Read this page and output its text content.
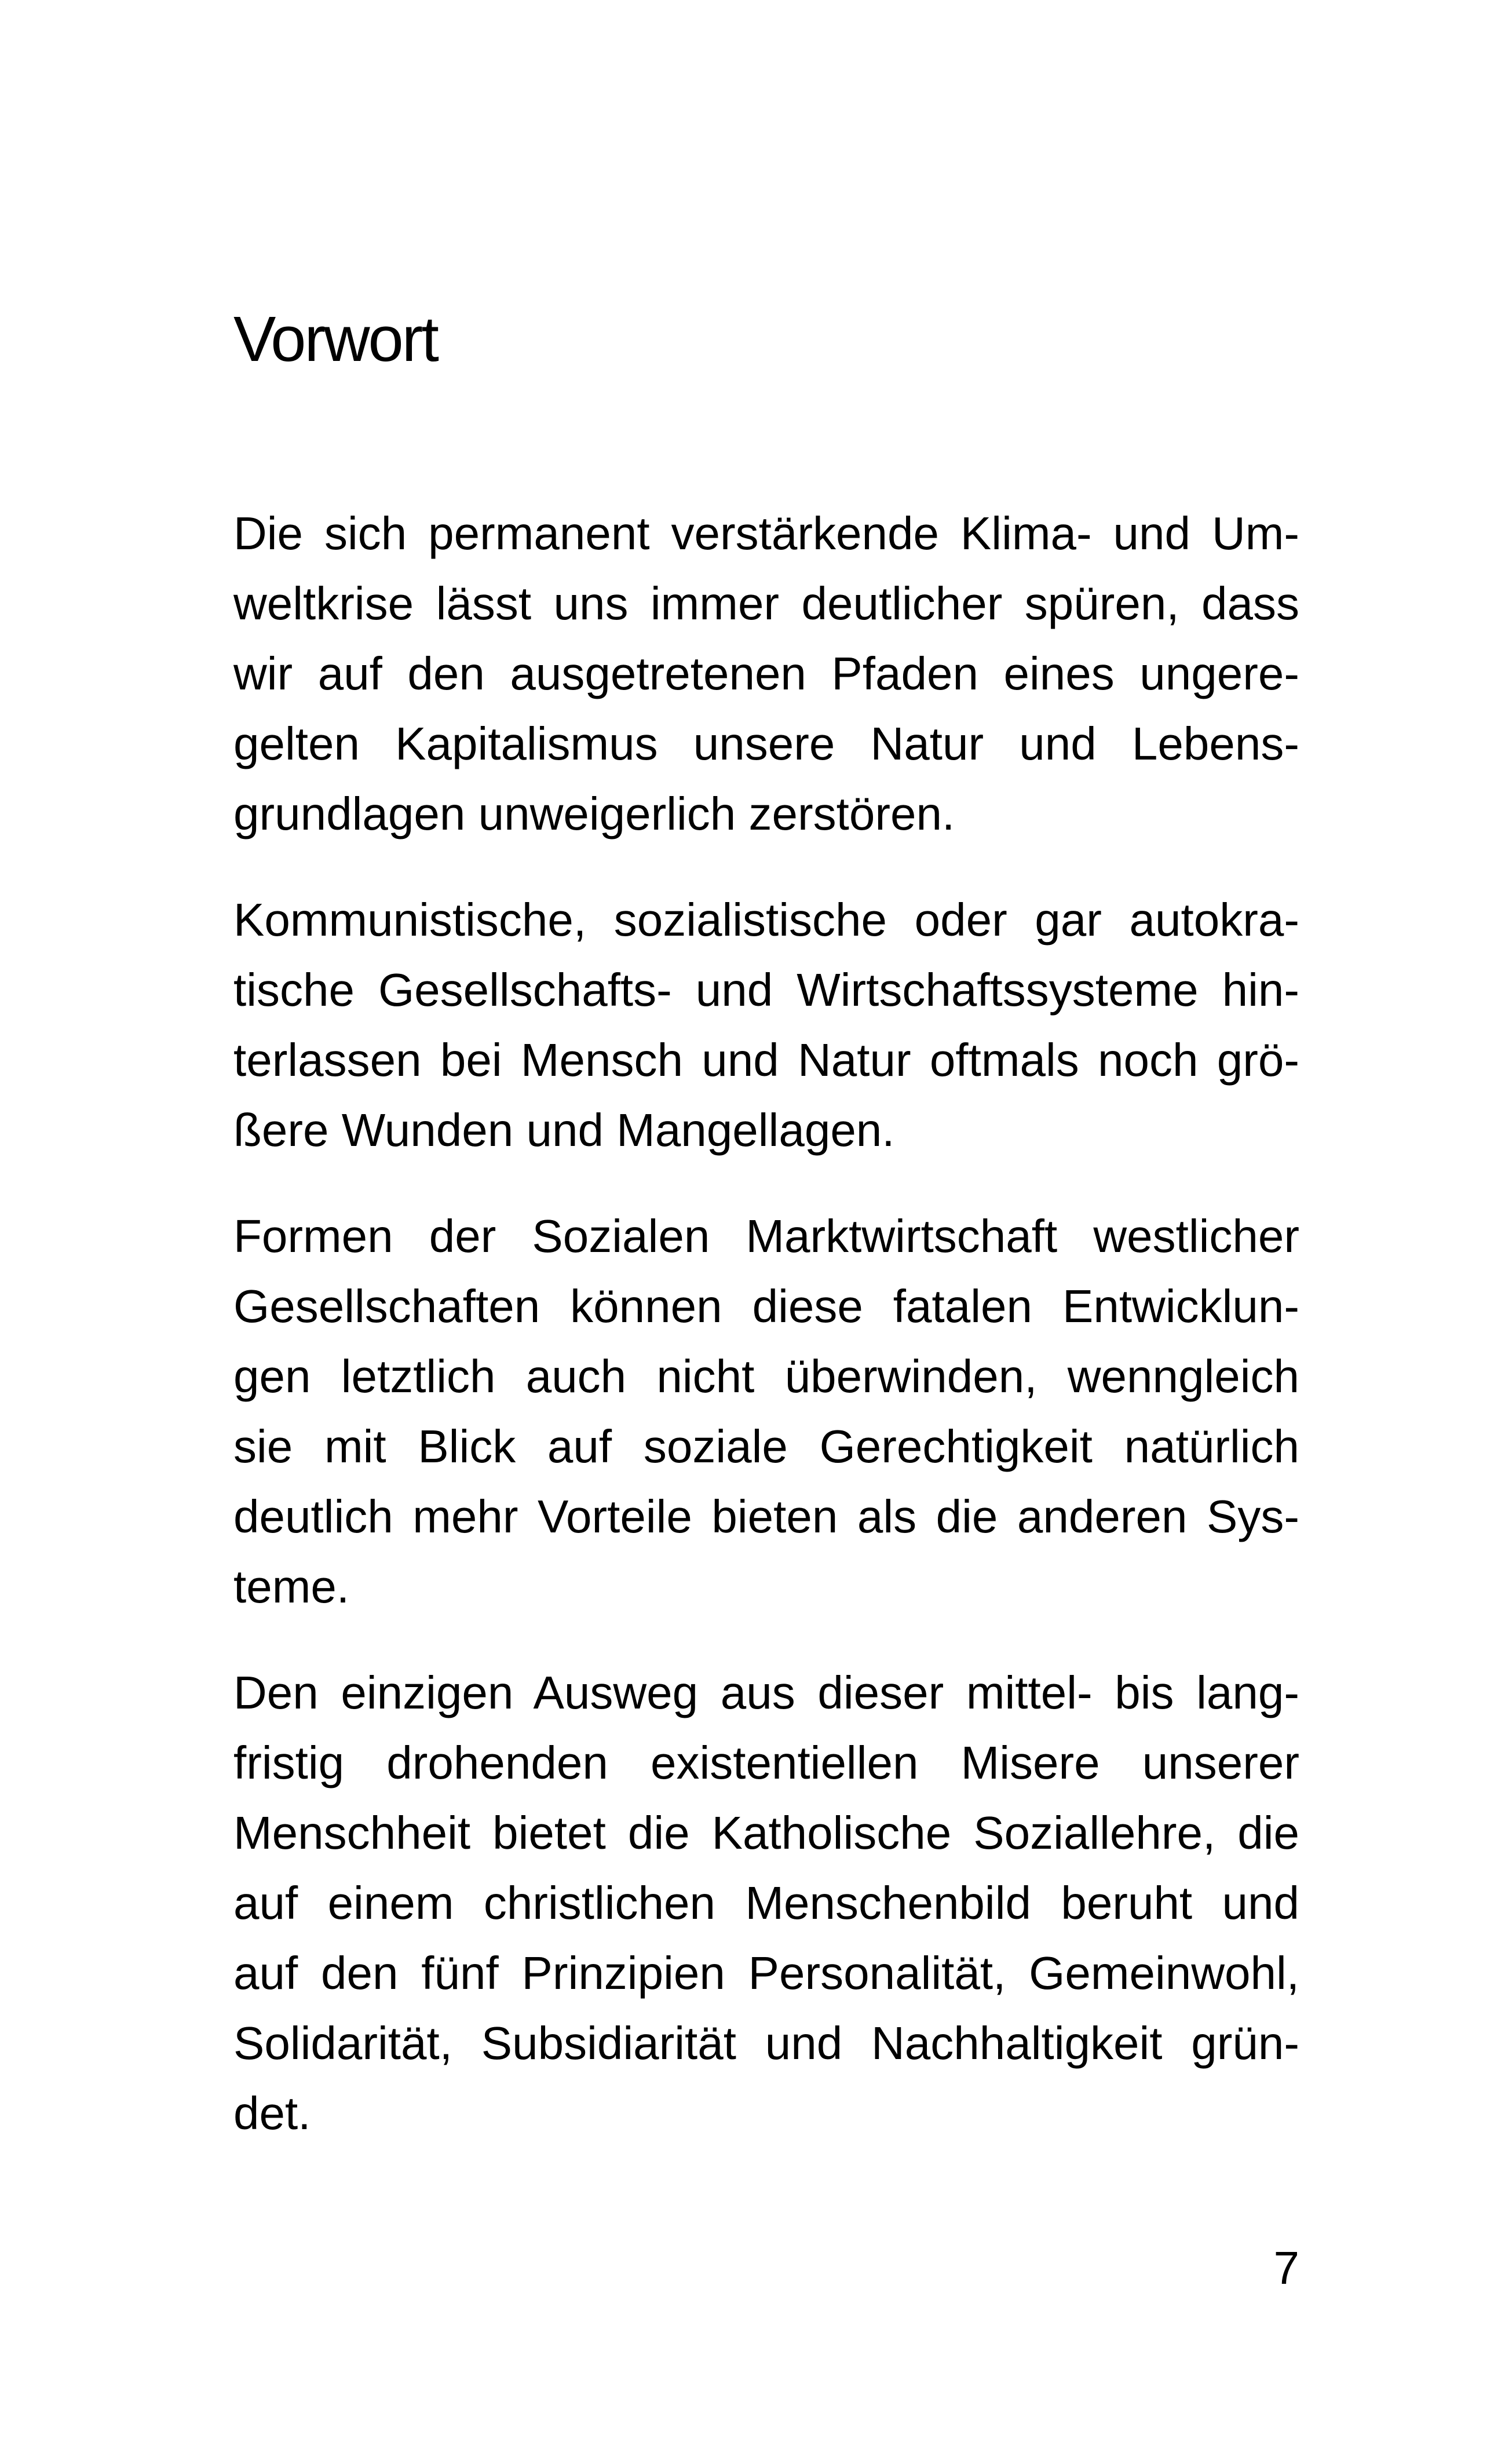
Vorwort

Die sich permanent verstärkende Klima- und Um-
weltkrise lässt uns immer deutlicher spüren, dass
wir auf den ausgetretenen Pfaden eines ungere-
gelten Kapitalismus unsere Natur und Lebens-
grundlagen unweigerlich zerstören.

Kommunistische, sozialistische oder gar autokra-
tische Gesellschafts- und Wirtschaftssysteme hin-
terlassen bei Mensch und Natur oftmals noch grö-
ßere Wunden und Mangellagen.

Formen der Sozialen Marktwirtschaft westlicher
Gesellschaften können diese fatalen Entwicklun-
gen letztlich auch nicht überwinden, wenngleich
sie mit Blick auf soziale Gerechtigkeit natürlich
deutlich mehr Vorteile bieten als die anderen Sys-
teme.

Den einzigen Ausweg aus dieser mittel- bis lang-
fristig drohenden existentiellen Misere unserer
Menschheit bietet die Katholische Soziallehre, die
auf einem christlichen Menschenbild beruht und
auf den fünf Prinzipien Personalität, Gemeinwohl,
Solidarität, Subsidiarität und Nachhaltigkeit grün-
det.

7
